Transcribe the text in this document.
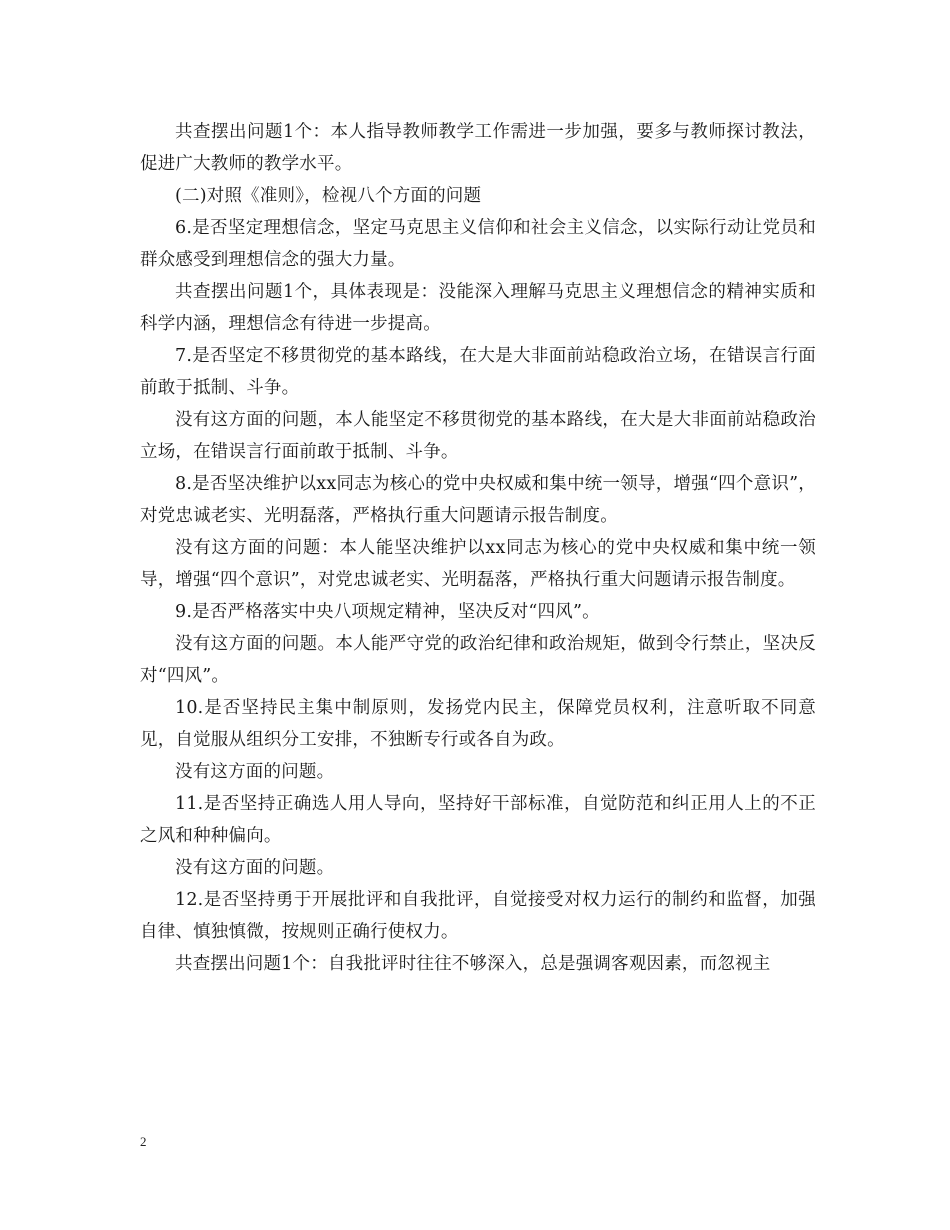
共查摆出问题1个：本人指导教师教学工作需进一步加强，要多与教师探讨教法，促进广大教师的教学水平。

(二)对照《准则》，检视八个方面的问题

6.是否坚定理想信念，坚定马克思主义信仰和社会主义信念，以实际行动让党员和群众感受到理想信念的强大力量。

共查摆出问题1个，具体表现是：没能深入理解马克思主义理想信念的精神实质和科学内涵，理想信念有待进一步提高。

7.是否坚定不移贯彻党的基本路线，在大是大非面前站稳政治立场，在错误言行面前敢于抵制、斗争。

没有这方面的问题，本人能坚定不移贯彻党的基本路线，在大是大非面前站稳政治立场，在错误言行面前敢于抵制、斗争。

8.是否坚决维护以xx同志为核心的党中央权威和集中统一领导，增强“四个意识”，对党忠诚老实、光明磊落，严格执行重大问题请示报告制度。

没有这方面的问题：本人能坚决维护以xx同志为核心的党中央权威和集中统一领导，增强“四个意识”，对党忠诚老实、光明磊落，严格执行重大问题请示报告制度。

9.是否严格落实中央八项规定精神，坚决反对“四风”。

没有这方面的问题。本人能严守党的政治纪律和政治规矩，做到令行禁止，坚决反对“四风”。

10.是否坚持民主集中制原则，发扬党内民主，保障党员权利，注意听取不同意见，自觉服从组织分工安排，不独断专行或各自为政。

没有这方面的问题。

11.是否坚持正确选人用人导向，坚持好干部标准，自觉防范和纠正用人上的不正之风和种种偏向。

没有这方面的问题。

12.是否坚持勇于开展批评和自我批评，自觉接受对权力运行的制约和监督，加强自律、慎独慎微，按规则正确行使权力。

共查摆出问题1个：自我批评时往往不够深入，总是强调客观因素，而忽视主

2
